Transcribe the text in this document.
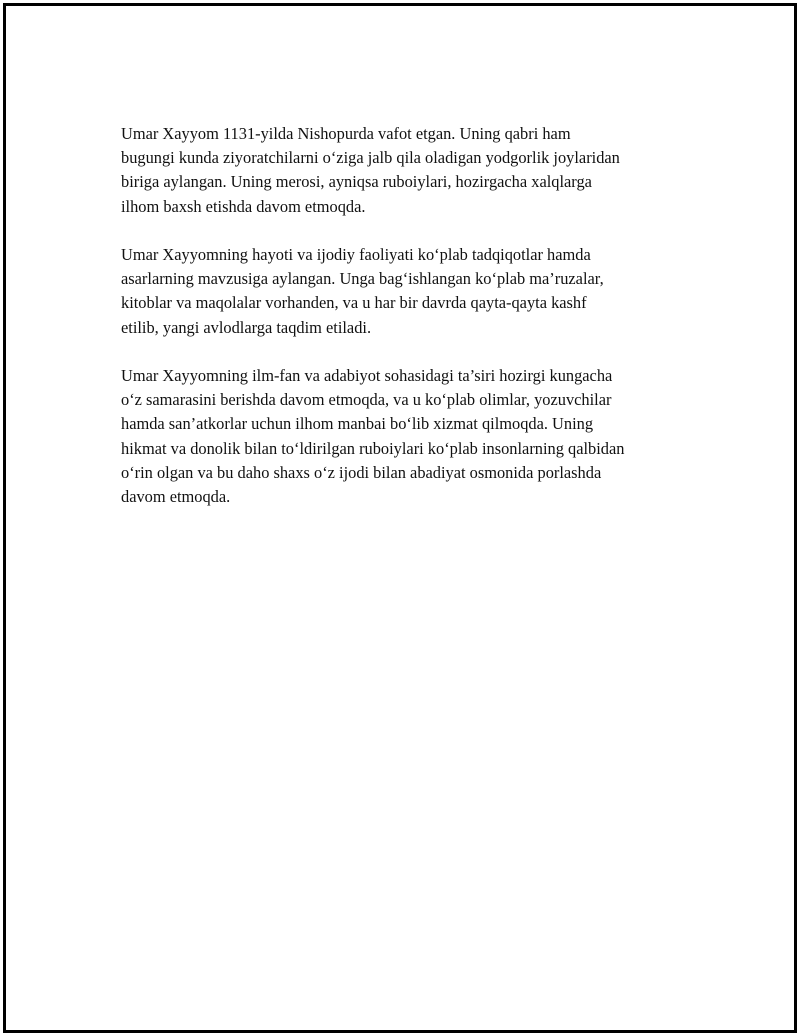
Umar Xayyom 1131-yilda Nishopurda vafot etgan. Uning qabri ham
bugungi kunda ziyoratchilarni o‘ziga jalb qila oladigan yodgorlik joylaridan
biriga aylangan. Uning merosi, ayniqsa ruboiylari, hozirgacha xalqlarga
ilhom baxsh etishda davom etmoqda.

Umar Xayyomning hayoti va ijodiy faoliyati ko‘plab tadqiqotlar hamda
asarlarning mavzusiga aylangan. Unga bag‘ishlangan ko‘plab ma’ruzalar,
kitoblar va maqolalar vorhanden, va u har bir davrda qayta-qayta kashf
etilib, yangi avlodlarga taqdim etiladi.

Umar Xayyomning ilm-fan va adabiyot sohasidagi ta’siri hozirgi kungacha
o‘z samarasini berishda davom etmoqda, va u ko‘plab olimlar, yozuvchilar
hamda san’atkorlar uchun ilhom manbai bo‘lib xizmat qilmoqda. Uning
hikmat va donolik bilan to‘ldirilgan ruboiylari ko‘plab insonlarning qalbidan
o‘rin olgan va bu daho shaxs o‘z ijodi bilan abadiyat osmonida porlashda
davom etmoqda.
